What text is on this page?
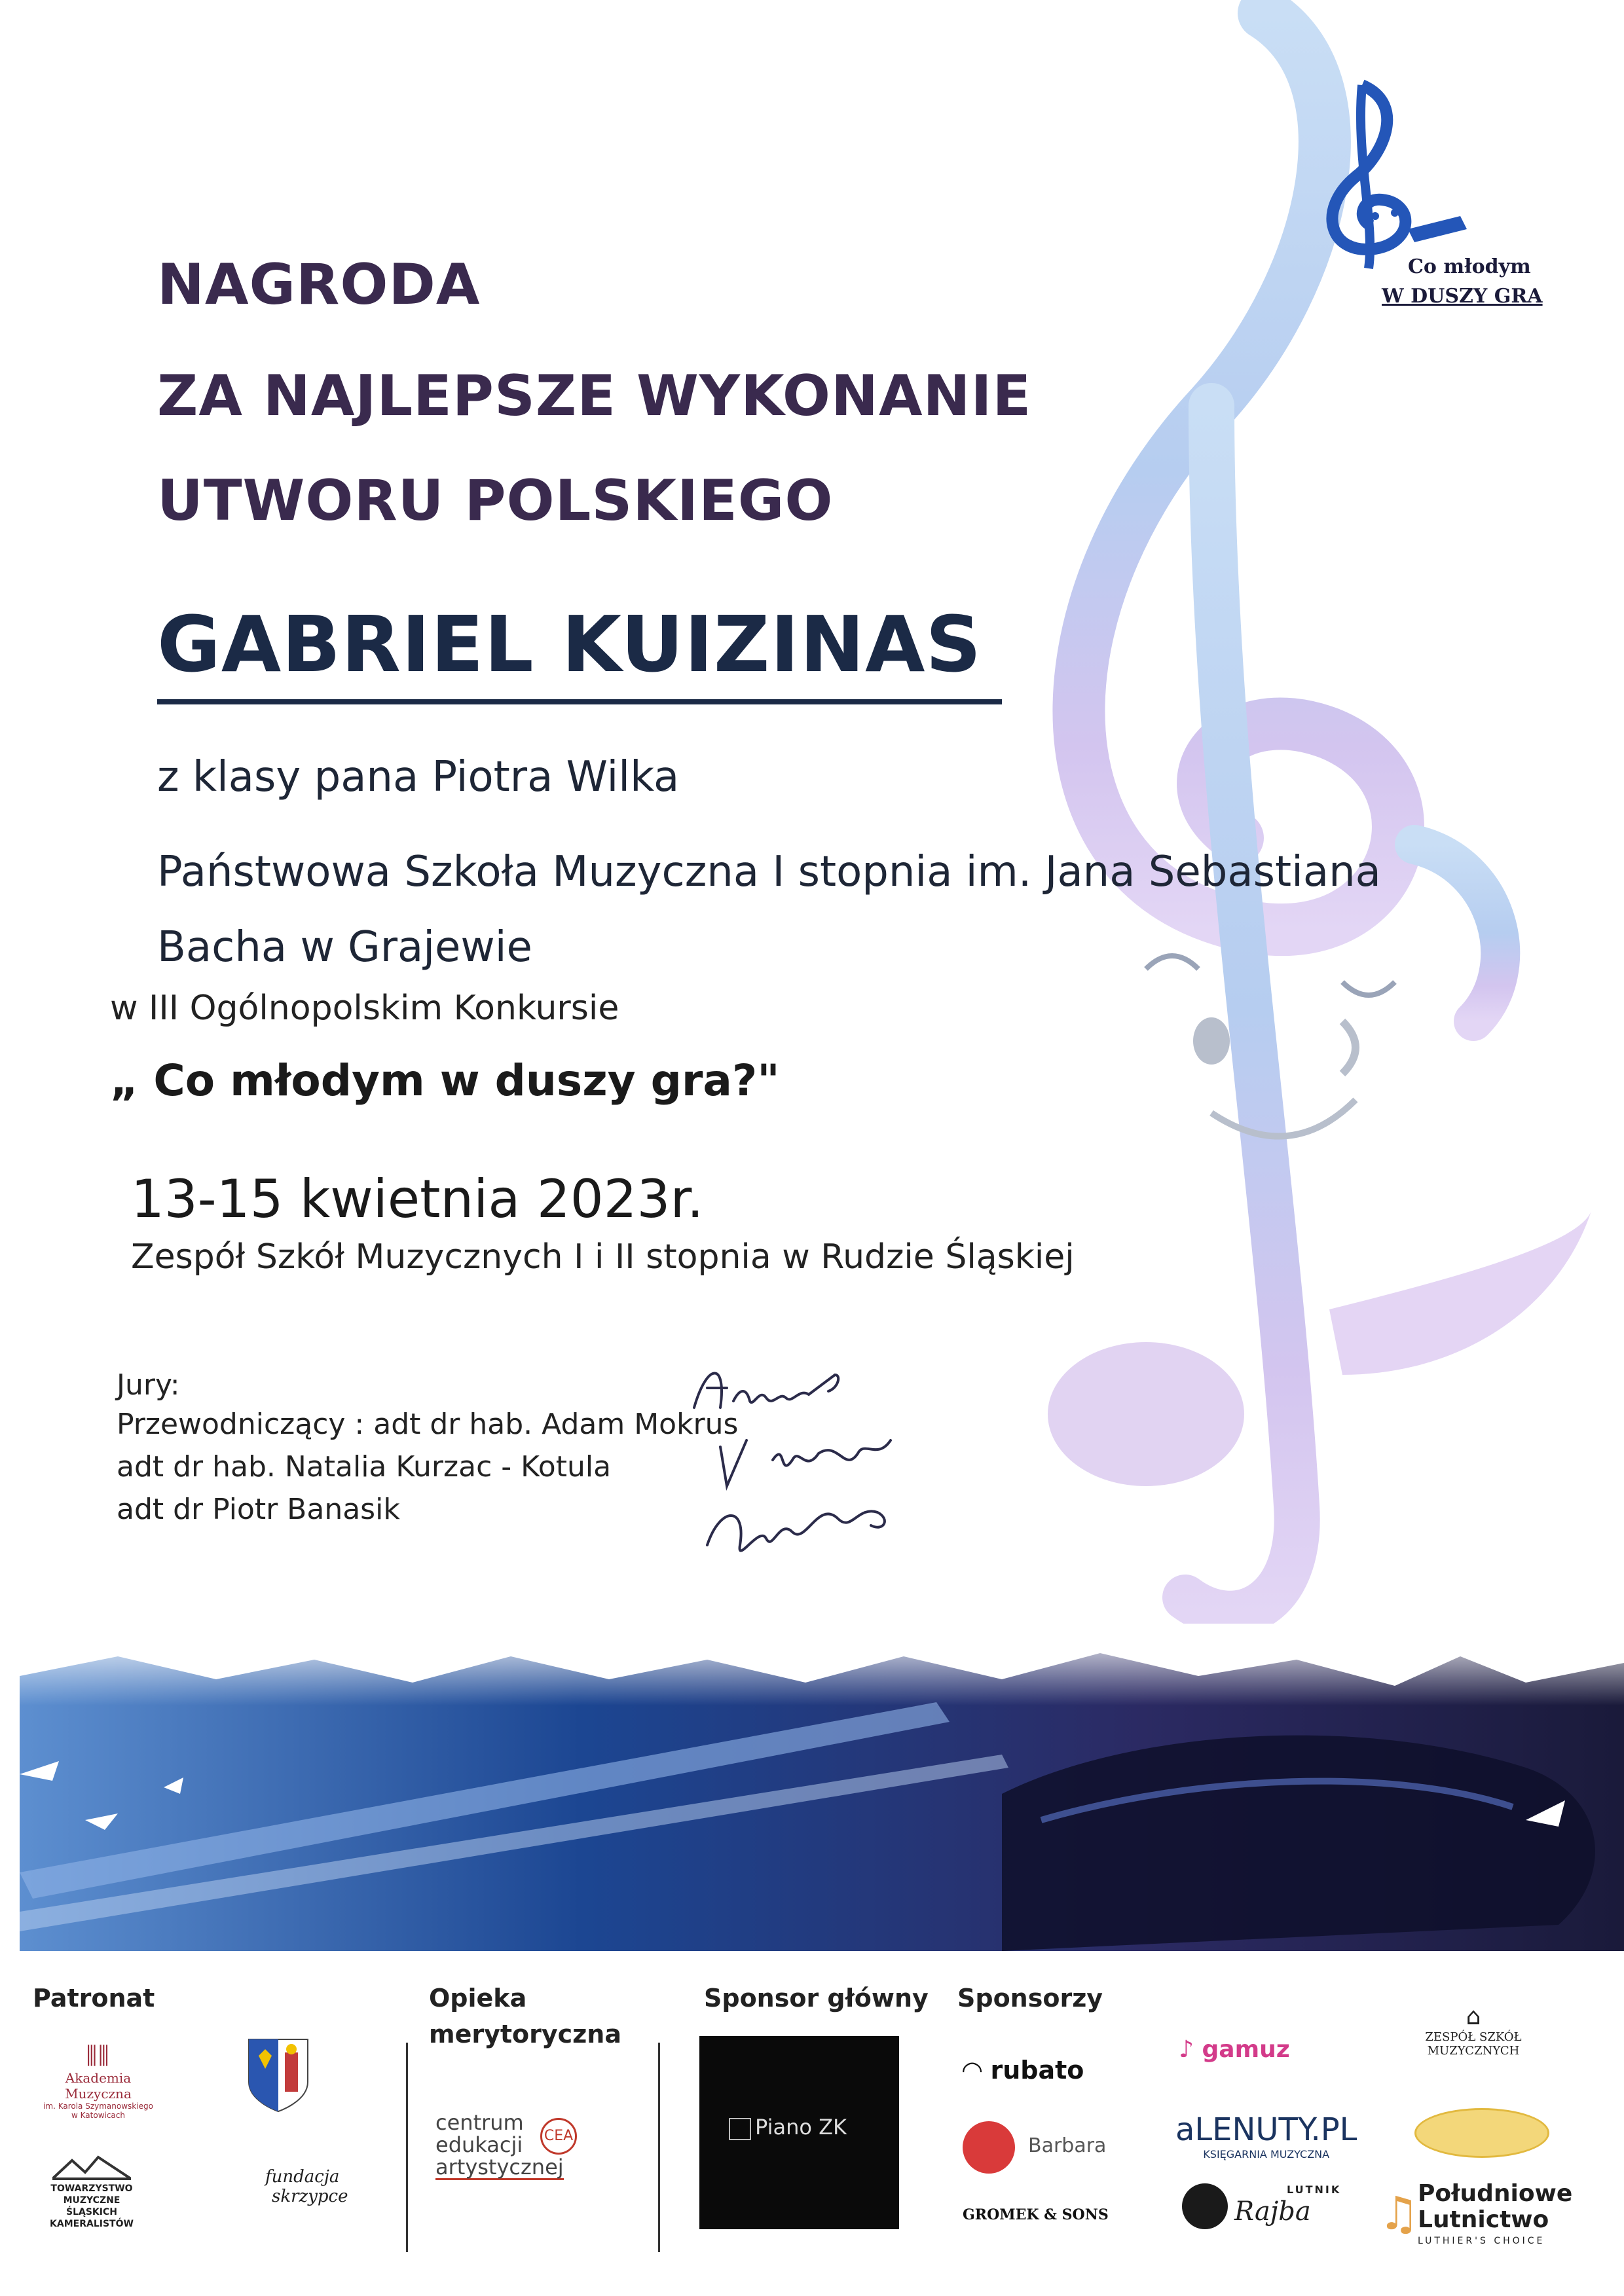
Co młodym
W DUSZY GRA
NAGRODA
ZA NAJLEPSZE WYKONANIE
UTWORU POLSKIEGO
GABRIEL KUIZINAS
z klasy pana Piotra Wilka
Państwowa Szkoła Muzyczna I stopnia im. Jana Sebastiana
Bacha w Grajewie
w III Ogólnopolskim Konkursie
„ Co młodym w duszy gra?"
13-15 kwietnia 2023r.
Zespół Szkół Muzycznych I i II stopnia w Rudzie Śląskiej
Jury:
Przewodniczący : adt dr hab. Adam Mokrus
adt dr hab. Natalia Kurzac - Kotula
adt dr Piotr Banasik
Patronat	Opieka
merytoryczna
Sponsor główny Sponsorzy
⫼⫼
Akademia Muzyczna
im. Karola Szymanowskiego
w Katowicach
TOWARZYSTWO
MUZYCZNE
ŚLĄSKICH
KAMERALISTÓW
fundacja
skrzypce
centrum
edukacji
artystycznej
CEA	Piano ZK
◠ rubato
Barbara
GROMEK & SONS
♪ gamuz
aLENUTY.PL
KSIĘGARNIA MUZYCZNA
LUTNIK
Rajba
⌂
ZESPÓŁ SZKÓŁ
MUZYCZNYCH
♫
Południowe
Lutnictwo
LUTHIER'S CHOICE
